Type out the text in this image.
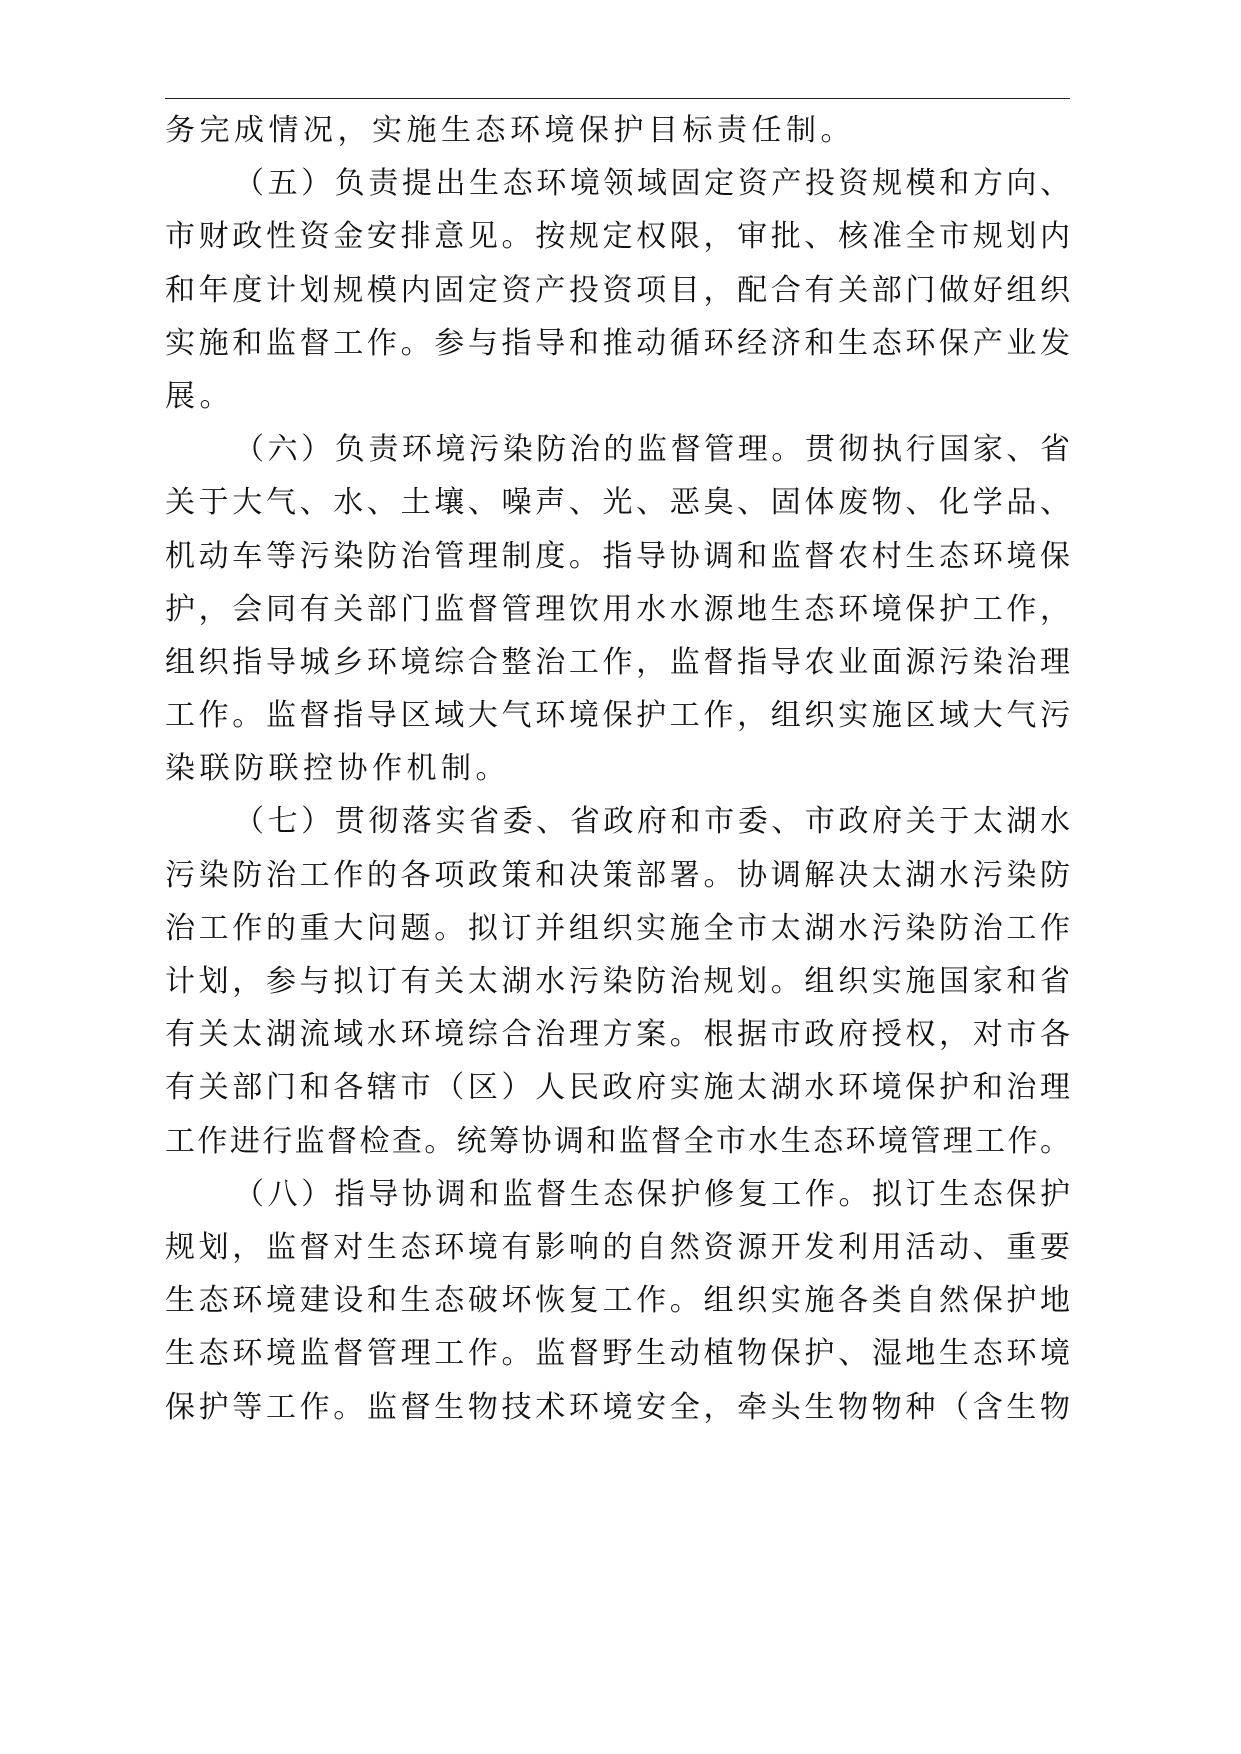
务完成情况，实施生态环境保护目标责任制。
（五）负责提出生态环境领域固定资产投资规模和方向、
市财政性资金安排意见。按规定权限，审批、核准全市规划内
和年度计划规模内固定资产投资项目，配合有关部门做好组织
实施和监督工作。参与指导和推动循环经济和生态环保产业发
展。
（六）负责环境污染防治的监督管理。贯彻执行国家、省
关于大气、水、土壤、噪声、光、恶臭、固体废物、化学品、
机动车等污染防治管理制度。指导协调和监督农村生态环境保
护，会同有关部门监督管理饮用水水源地生态环境保护工作，
组织指导城乡环境综合整治工作，监督指导农业面源污染治理
工作。监督指导区域大气环境保护工作，组织实施区域大气污
染联防联控协作机制。
（七）贯彻落实省委、省政府和市委、市政府关于太湖水
污染防治工作的各项政策和决策部署。协调解决太湖水污染防
治工作的重大问题。拟订并组织实施全市太湖水污染防治工作
计划，参与拟订有关太湖水污染防治规划。组织实施国家和省
有关太湖流域水环境综合治理方案。根据市政府授权，对市各
有关部门和各辖市（区）人民政府实施太湖水环境保护和治理
工作进行监督检查。统筹协调和监督全市水生态环境管理工作。
（八）指导协调和监督生态保护修复工作。拟订生态保护
规划，监督对生态环境有影响的自然资源开发利用活动、重要
生态环境建设和生态破坏恢复工作。组织实施各类自然保护地
生态环境监督管理工作。监督野生动植物保护、湿地生态环境
保护等工作。监督生物技术环境安全，牵头生物物种（含生物
